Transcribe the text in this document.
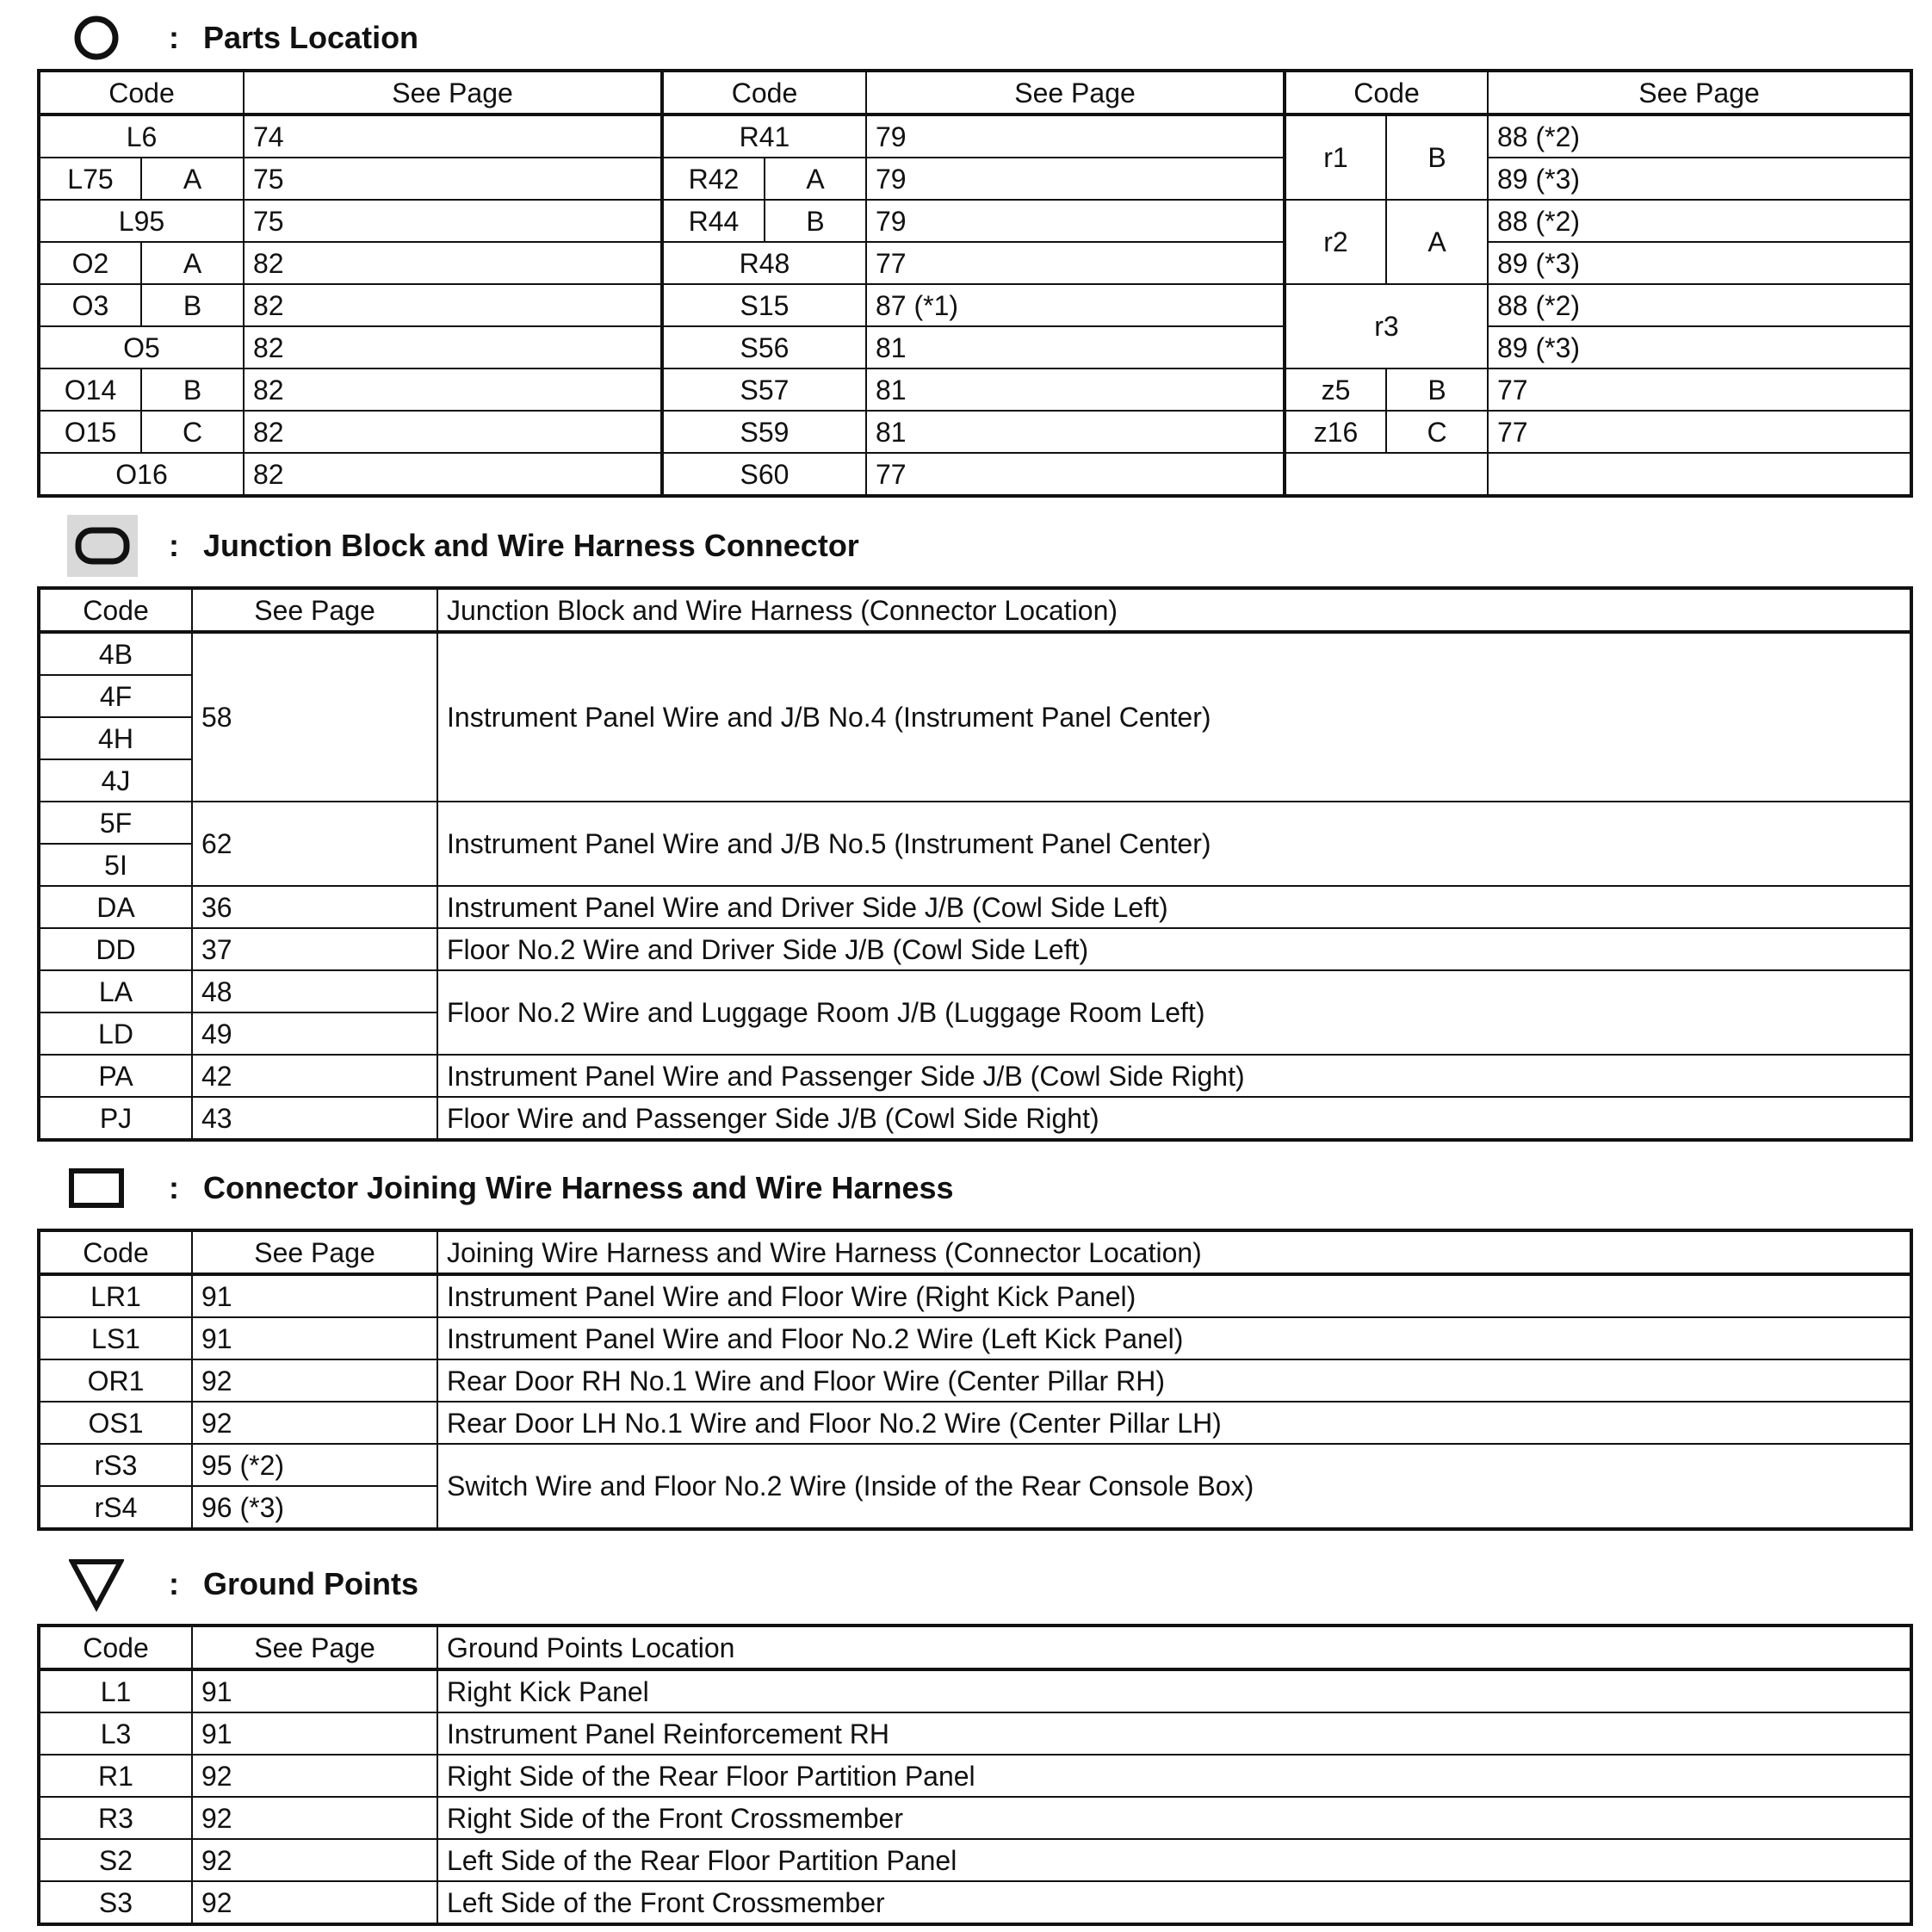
: Parts Location
Code		See Page	Code		See Page	Code		See Page
L6		74	R41		79	r1	B	88 (*2)
L75	A	75	R42	A	79			89 (*3)
L95		75	R44	B	79	r2	A	88 (*2)
O2	A	82	R48		77			89 (*3)
O3	B	82	S15		87 (*1)	r3		88 (*2)
O5		82	S56		81			89 (*3)
O14	B	82	S57		81	z5	B	77
O15	C	82	S59		81	z16	C	77
O16		82	S60		77			
: Junction Block and Wire Harness Connector
Code	See Page	Junction Block and Wire Harness (Connector Location)
4B	58	Instrument Panel Wire and J/B No.4 (Instrument Panel Center)
4F		
4H		
4J		
5F	62	Instrument Panel Wire and J/B No.5 (Instrument Panel Center)
5I		
DA	36	Instrument Panel Wire and Driver Side J/B (Cowl Side Left)
DD	37	Floor No.2 Wire and Driver Side J/B (Cowl Side Left)
LA	48	Floor No.2 Wire and Luggage Room J/B (Luggage Room Left)
LD	49	
PA	42	Instrument Panel Wire and Passenger Side J/B (Cowl Side Right)
PJ	43	Floor Wire and Passenger Side J/B (Cowl Side Right)
: Connector Joining Wire Harness and Wire Harness
Code	See Page	Joining Wire Harness and Wire Harness (Connector Location)
LR1	91	Instrument Panel Wire and Floor Wire (Right Kick Panel)
LS1	91	Instrument Panel Wire and Floor No.2 Wire (Left Kick Panel)
OR1	92	Rear Door RH No.1 Wire and Floor Wire (Center Pillar RH)
OS1	92	Rear Door LH No.1 Wire and Floor No.2 Wire (Center Pillar LH)
rS3	95 (*2)	Switch Wire and Floor No.2 Wire (Inside of the Rear Console Box)
rS4	96 (*3)	
: Ground Points
Code	See Page	Ground Points Location
L1	91	Right Kick Panel
L3	91	Instrument Panel Reinforcement RH
R1	92	Right Side of the Rear Floor Partition Panel
R3	92	Right Side of the Front Crossmember
S2	92	Left Side of the Rear Floor Partition Panel
S3	92	Left Side of the Front Crossmember
